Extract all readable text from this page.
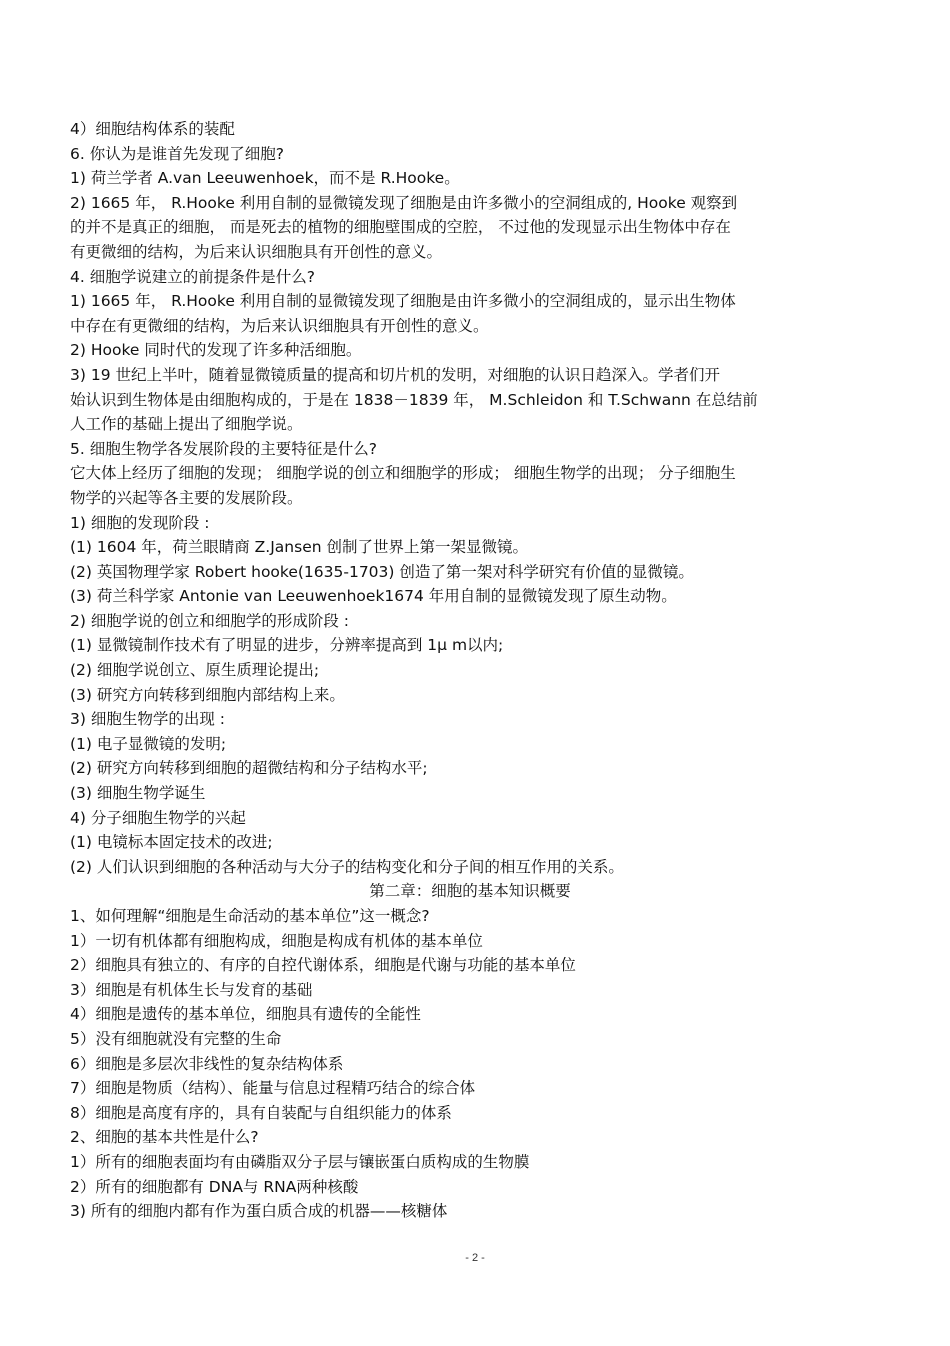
4）细胞结构体系的装配
6. 你认为是谁首先发现了细胞?
1) 荷兰学者 A.van Leeuwenhoek，而不是 R.Hooke。
2) 1665 年， R.Hooke 利用自制的显微镜发现了细胞是由许多微小的空洞组成的, Hooke 观察到
的并不是真正的细胞， 而是死去的植物的细胞壁围成的空腔， 不过他的发现显示出生物体中存在
有更微细的结构，为后来认识细胞具有开创性的意义。
4. 细胞学说建立的前提条件是什么?
1) 1665 年， R.Hooke 利用自制的显微镜发现了细胞是由许多微小的空洞组成的，显示出生物体
中存在有更微细的结构，为后来认识细胞具有开创性的意义。
2) Hooke 同时代的发现了许多种活细胞。
3) 19 世纪上半叶，随着显微镜质量的提高和切片机的发明，对细胞的认识日趋深入。学者们开
始认识到生物体是由细胞构成的，于是在 1838－1839 年， M.Schleidon 和 T.Schwann 在总结前
人工作的基础上提出了细胞学说。
5. 细胞生物学各发展阶段的主要特征是什么?
它大体上经历了细胞的发现； 细胞学说的创立和细胞学的形成； 细胞生物学的出现； 分子细胞生
物学的兴起等各主要的发展阶段。
1) 细胞的发现阶段 :
(1) 1604 年，荷兰眼睛商 Z.Jansen 创制了世界上第一架显微镜。
(2) 英国物理学家 Robert hooke(1635-1703) 创造了第一架对科学研究有价值的显微镜。
(3) 荷兰科学家 Antonie van Leeuwenhoek1674 年用自制的显微镜发现了原生动物。
2) 细胞学说的创立和细胞学的形成阶段 :
(1) 显微镜制作技术有了明显的进步，分辨率提高到 1μ m以内;
(2) 细胞学说创立、原生质理论提出;
(3) 研究方向转移到细胞内部结构上来。
3) 细胞生物学的出现 :
(1) 电子显微镜的发明;
(2) 研究方向转移到细胞的超微结构和分子结构水平;
(3) 细胞生物学诞生
4) 分子细胞生物学的兴起
(1) 电镜标本固定技术的改进;
(2) 人们认识到细胞的各种活动与大分子的结构变化和分子间的相互作用的关系。
第二章：细胞的基本知识概要
1、如何理解“细胞是生命活动的基本单位”这一概念?
1）一切有机体都有细胞构成，细胞是构成有机体的基本单位
2）细胞具有独立的、有序的自控代谢体系，细胞是代谢与功能的基本单位
3）细胞是有机体生长与发育的基础
4）细胞是遗传的基本单位，细胞具有遗传的全能性
5）没有细胞就没有完整的生命
6）细胞是多层次非线性的复杂结构体系
7）细胞是物质（结构）、能量与信息过程精巧结合的综合体
8）细胞是高度有序的，具有自装配与自组织能力的体系
2、细胞的基本共性是什么?
1）所有的细胞表面均有由磷脂双分子层与镶嵌蛋白质构成的生物膜
2）所有的细胞都有 DNA与 RNA两种核酸
3) 所有的细胞内都有作为蛋白质合成的机器——核糖体
- 2 -
